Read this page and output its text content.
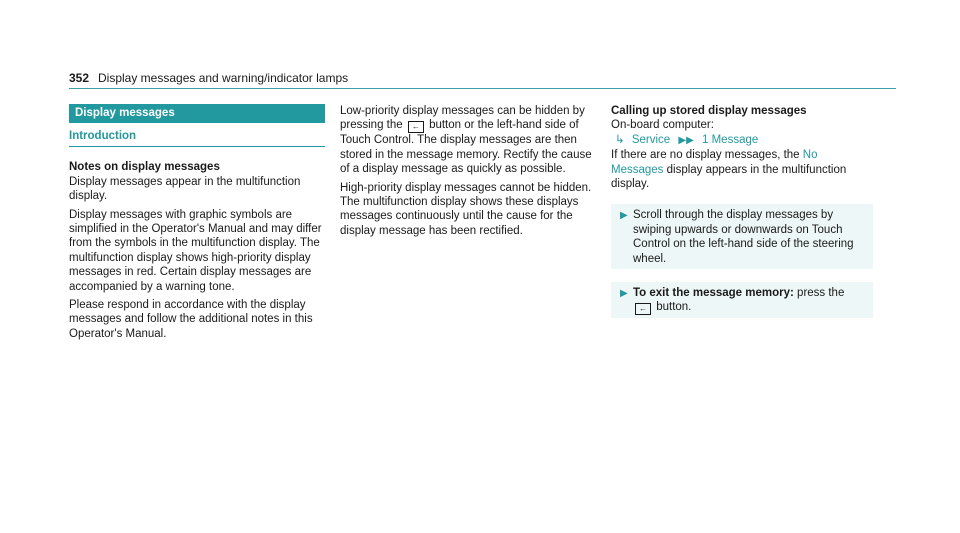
352 Display messages and warning/indicator lamps
Display messages
Introduction

Notes on display messages

Display messages appear in the multifunction display.

Display messages with graphic symbols are simplified in the Operator's Manual and may differ from the symbols in the multifunction display. The multifunction display shows high-priority display messages in red. Certain display messages are accompanied by a warning tone.

Please respond in accordance with the display messages and follow the additional notes in this Operator's Manual.

Low-priority display messages can be hidden by pressing the ← button or the left-hand side of Touch Control. The display messages are then stored in the message memory. Rectify the cause of a display message as quickly as possible.

High-priority display messages cannot be hidden. The multifunction display shows these displays messages continuously until the cause for the display message has been rectified.

Calling up stored display messages

On-board computer:

↳ Service ▶▶ 1 Message

If there are no display messages, the No Messages display appears in the multifunction display.

▶ Scroll through the display messages by swiping upwards or downwards on Touch Control on the left-hand side of the steering wheel.
▶ To exit the message memory: press the
← button.
